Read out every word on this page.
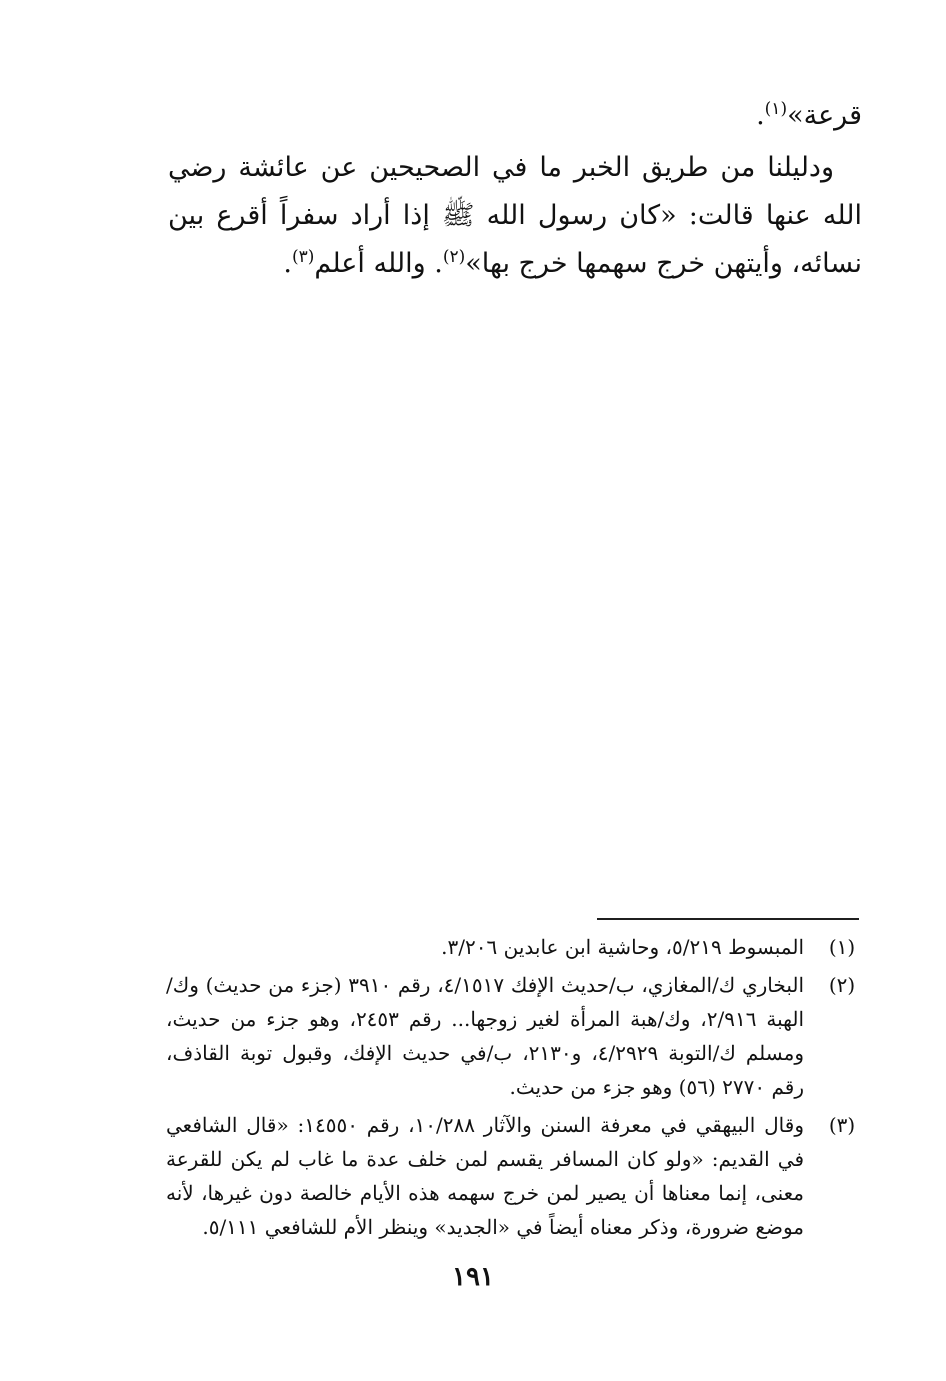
قرعة»$^{(١)}$.

ودليلنا من طريق الخبر ما في الصحيحين عن عائشة رضي الله عنها قالت: «كان رسول الله ﷺ إذا أراد سفراً أقرع بين نسائه، وأيتهن خرج سهمها خرج بها»$^{(٢)}$. والله أعلم$^{(٣)}$.

(١)
المبسوط ٥/٢١٩، وحاشية ابن عابدين ٣/٢٠٦.
(٢)
البخاري ك/المغازي، ب/حديث الإفك ٤/١٥١٧، رقم ٣٩١٠ (جزء من حديث) وك/الهبة ٢/٩١٦، وك/هبة المرأة لغير زوجها... رقم ٢٤٥٣، وهو جزء من حديث، ومسلم ك/التوبة ٤/٢٩٢٩، و٢١٣٠، ب/في حديث الإفك، وقبول توبة القاذف، رقم ٢٧٧٠ (٥٦) وهو جزء من حديث.
(٣)
وقال البيهقي في معرفة السنن والآثار ١٠/٢٨٨، رقم ١٤٥٥٠: «قال الشافعي في القديم: «ولو كان المسافر يقسم لمن خلف عدة ما غاب لم يكن للقرعة معنى، إنما معناها أن يصير لمن خرج سهمه هذه الأيام خالصة دون غيرها، لأنه موضع ضرورة، وذكر معناه أيضاً في «الجديد» وينظر الأم للشافعي ٥/١١١.
١٩١
